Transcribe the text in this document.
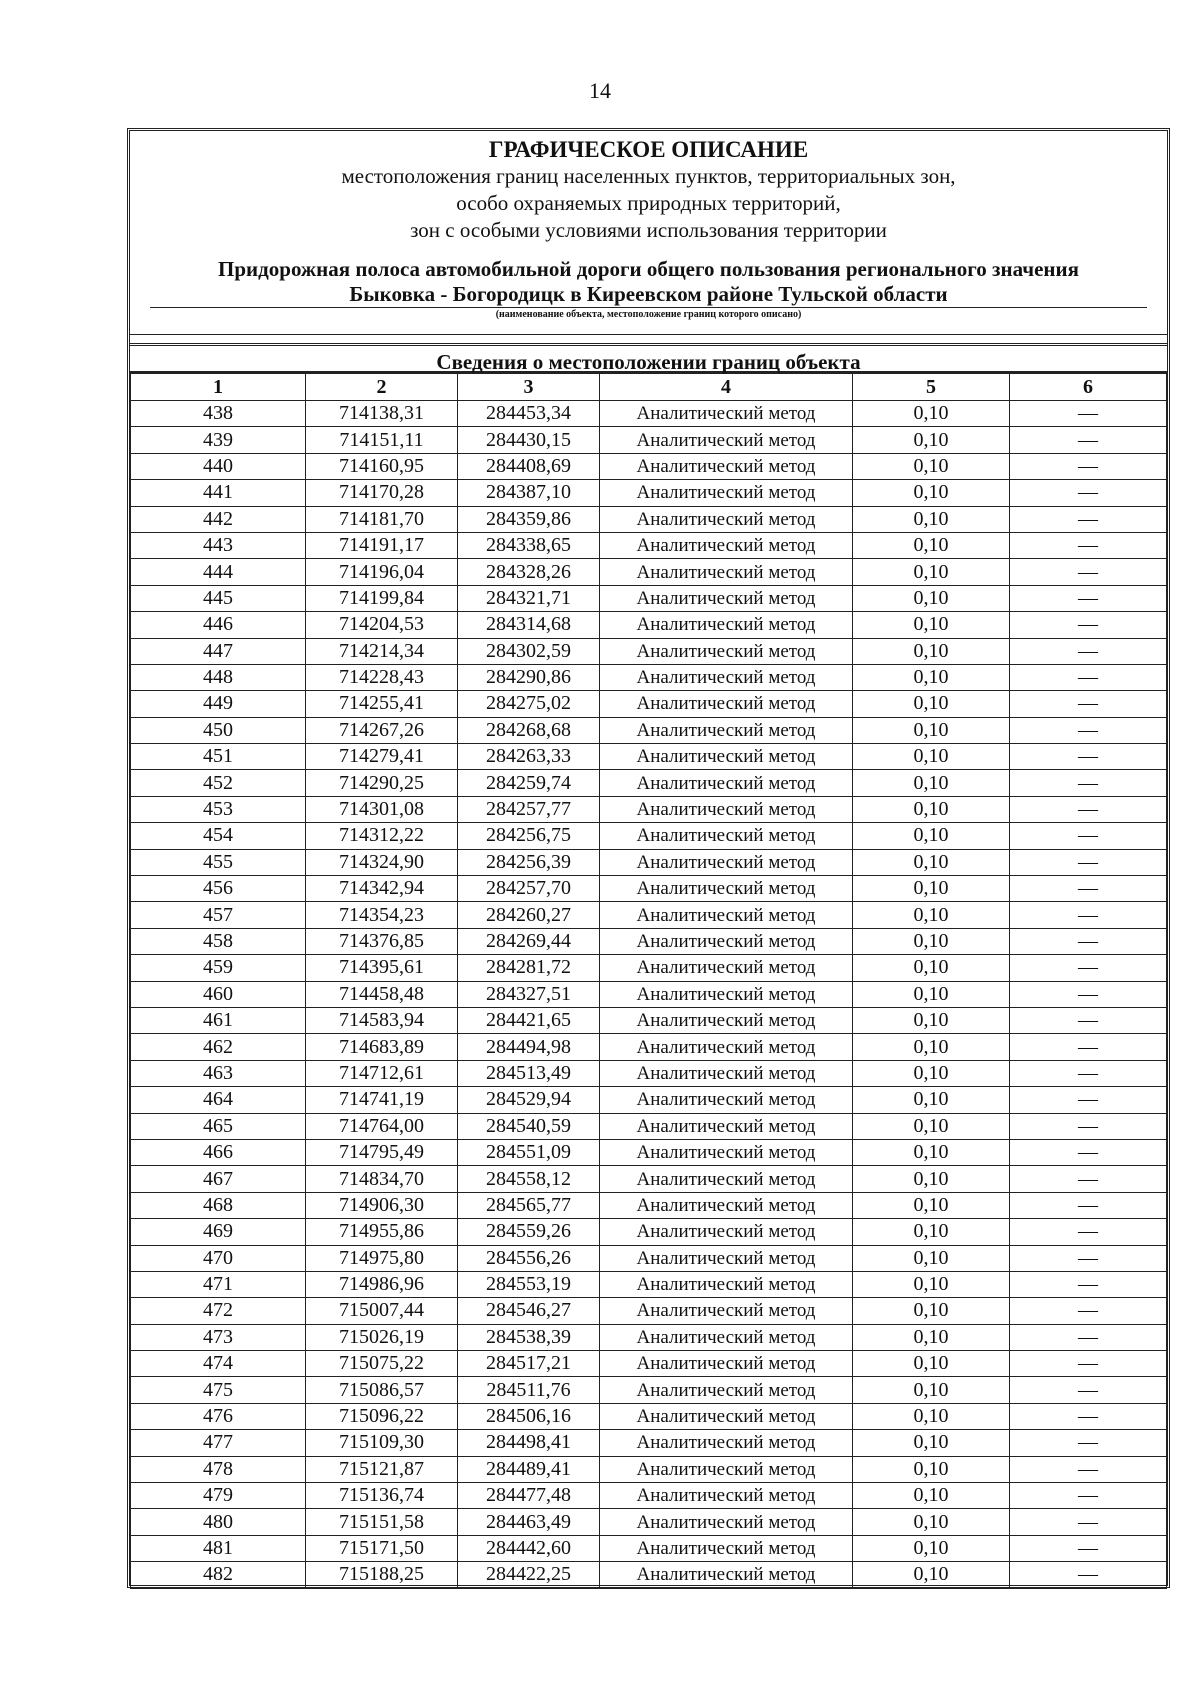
14
ГРАФИЧЕСКОЕ ОПИСАНИЕ
местоположения границ населенных пунктов, территориальных зон,
особо охраняемых природных территорий,
зон с особыми условиями использования территории
Придорожная полоса автомобильной дороги общего пользования регионального значения
Быковка - Богородицк в Киреевском районе Тульской области
(наименование объекта, местоположение границ которого описано)
Сведения о местоположении границ объекта
1	2	3	4	5	6
438	714138,31	284453,34	Аналитический метод	0,10	—
439	714151,11	284430,15	Аналитический метод	0,10	—
440	714160,95	284408,69	Аналитический метод	0,10	—
441	714170,28	284387,10	Аналитический метод	0,10	—
442	714181,70	284359,86	Аналитический метод	0,10	—
443	714191,17	284338,65	Аналитический метод	0,10	—
444	714196,04	284328,26	Аналитический метод	0,10	—
445	714199,84	284321,71	Аналитический метод	0,10	—
446	714204,53	284314,68	Аналитический метод	0,10	—
447	714214,34	284302,59	Аналитический метод	0,10	—
448	714228,43	284290,86	Аналитический метод	0,10	—
449	714255,41	284275,02	Аналитический метод	0,10	—
450	714267,26	284268,68	Аналитический метод	0,10	—
451	714279,41	284263,33	Аналитический метод	0,10	—
452	714290,25	284259,74	Аналитический метод	0,10	—
453	714301,08	284257,77	Аналитический метод	0,10	—
454	714312,22	284256,75	Аналитический метод	0,10	—
455	714324,90	284256,39	Аналитический метод	0,10	—
456	714342,94	284257,70	Аналитический метод	0,10	—
457	714354,23	284260,27	Аналитический метод	0,10	—
458	714376,85	284269,44	Аналитический метод	0,10	—
459	714395,61	284281,72	Аналитический метод	0,10	—
460	714458,48	284327,51	Аналитический метод	0,10	—
461	714583,94	284421,65	Аналитический метод	0,10	—
462	714683,89	284494,98	Аналитический метод	0,10	—
463	714712,61	284513,49	Аналитический метод	0,10	—
464	714741,19	284529,94	Аналитический метод	0,10	—
465	714764,00	284540,59	Аналитический метод	0,10	—
466	714795,49	284551,09	Аналитический метод	0,10	—
467	714834,70	284558,12	Аналитический метод	0,10	—
468	714906,30	284565,77	Аналитический метод	0,10	—
469	714955,86	284559,26	Аналитический метод	0,10	—
470	714975,80	284556,26	Аналитический метод	0,10	—
471	714986,96	284553,19	Аналитический метод	0,10	—
472	715007,44	284546,27	Аналитический метод	0,10	—
473	715026,19	284538,39	Аналитический метод	0,10	—
474	715075,22	284517,21	Аналитический метод	0,10	—
475	715086,57	284511,76	Аналитический метод	0,10	—
476	715096,22	284506,16	Аналитический метод	0,10	—
477	715109,30	284498,41	Аналитический метод	0,10	—
478	715121,87	284489,41	Аналитический метод	0,10	—
479	715136,74	284477,48	Аналитический метод	0,10	—
480	715151,58	284463,49	Аналитический метод	0,10	—
481	715171,50	284442,60	Аналитический метод	0,10	—
482	715188,25	284422,25	Аналитический метод	0,10	—
